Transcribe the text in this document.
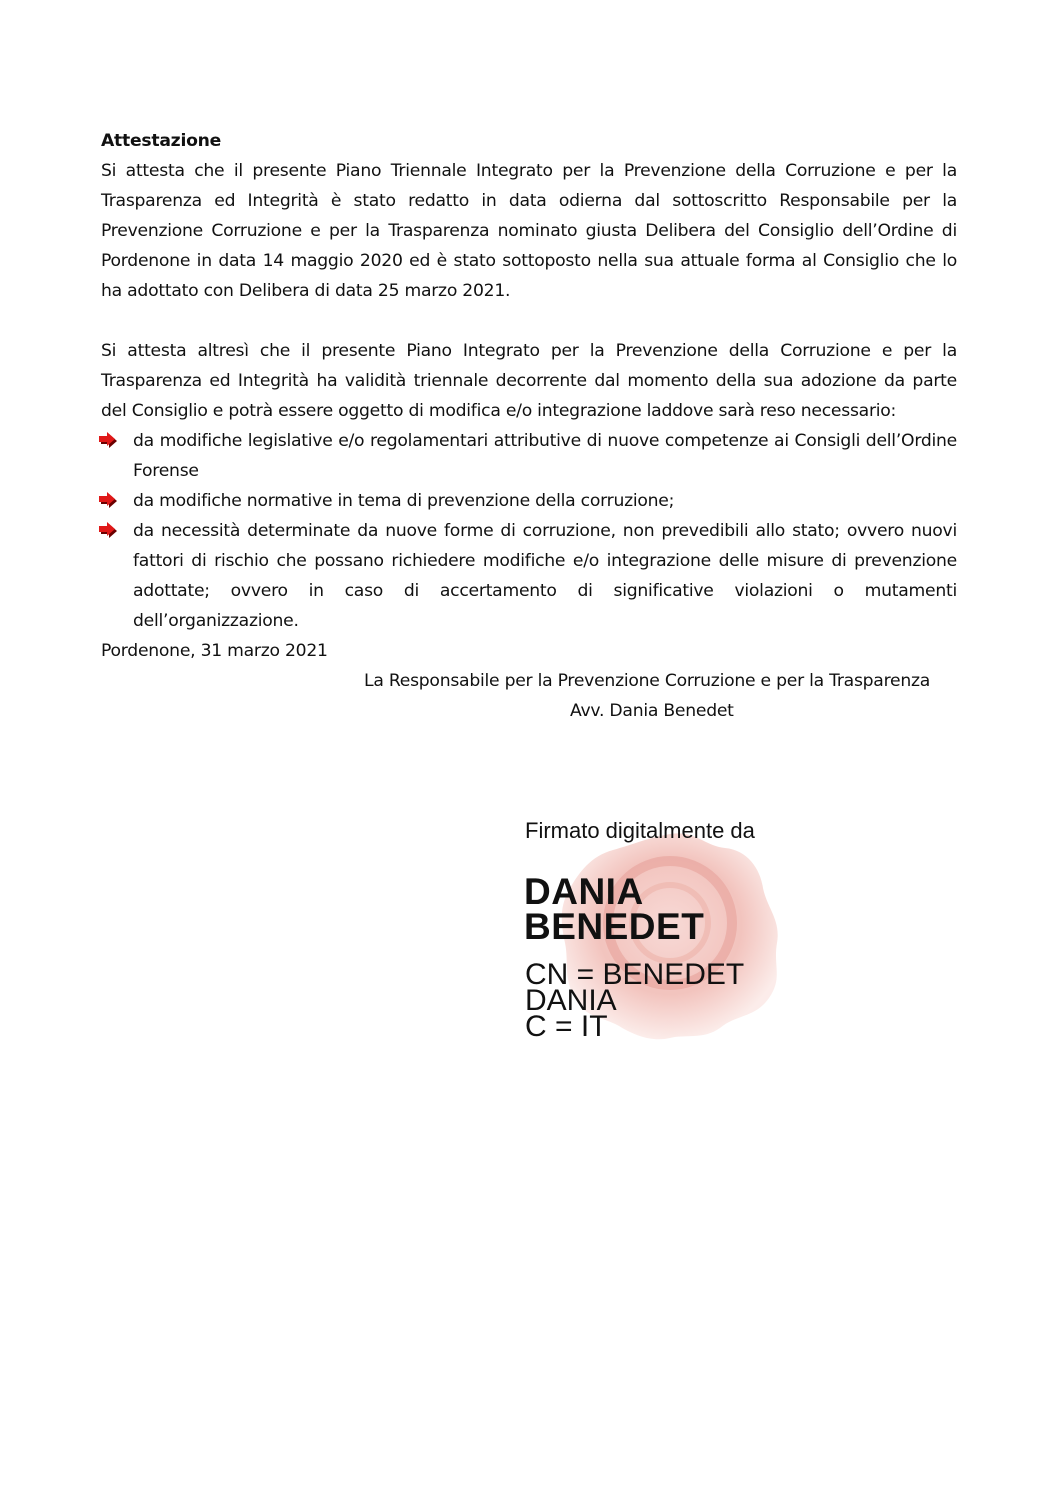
Attestazione

Si attesta che il presente Piano Triennale Integrato per la Prevenzione della Corruzione e per la Trasparenza ed Integrità è stato redatto in data odierna dal sottoscritto Responsabile per la Prevenzione Corruzione e per la Trasparenza nominato giusta Delibera del Consiglio dell’Ordine di Pordenone in data 14 maggio 2020 ed è stato sottoposto nella sua attuale forma al Consiglio che lo ha adottato con Delibera di data 25 marzo 2021.

Si attesta altresì che il presente Piano Integrato per la Prevenzione della Corruzione e per la Trasparenza ed Integrità ha validità triennale decorrente dal momento della sua adozione da parte del Consiglio e potrà essere oggetto di modifica e/o integrazione laddove sarà reso necessario:

da modifiche legislative e/o regolamentari attributive di nuove competenze ai Consigli dell’Ordine Forense
da modifiche normative in tema di prevenzione della corruzione;
da necessità determinate da nuove forme di corruzione, non prevedibili allo stato; ovvero nuovi fattori di rischio che possano richiedere modifiche e/o integrazione delle misure di prevenzione adottate; ovvero in caso di accertamento di significative violazioni o mutamenti dell’organizzazione.

Pordenone, 31 marzo 2021

La Responsabile per la Prevenzione Corruzione e per la Trasparenza
Avv. Dania Benedet
Firmato digitalmente da
DANIA
BENEDET
CN = BENEDET
DANIA
C = IT
